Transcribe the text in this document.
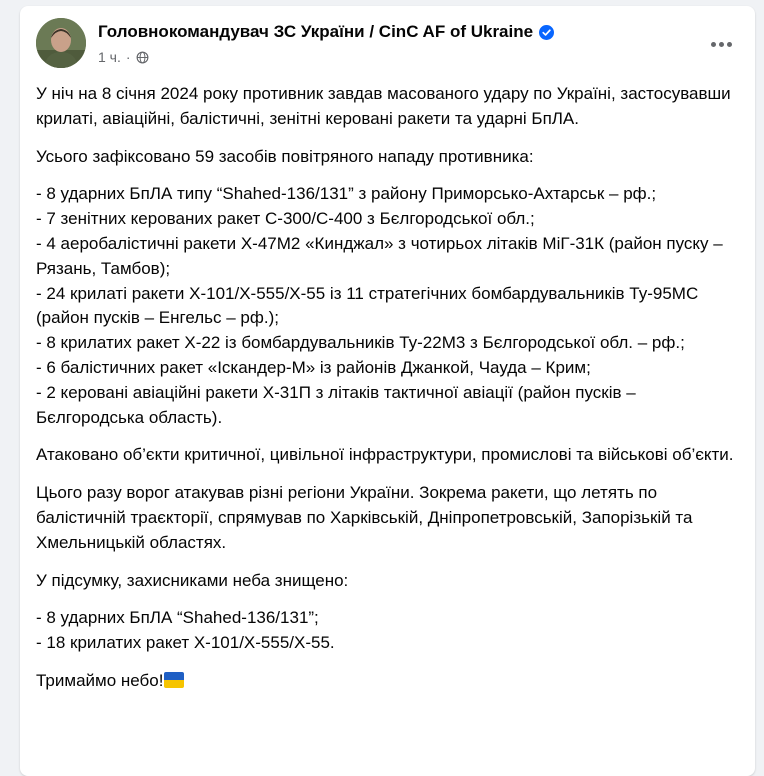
Головнокомандувач ЗС України / CinC AF of Ukraine
1 ч. ·

У ніч на 8 січня 2024 року противник завдав масованого удару по Україні, застосувавши крилаті, авіаційні, балістичні, зенітні керовані ракети та ударні БпЛА.

Усього зафіксовано 59 засобів повітряного нападу противника:

- 8 ударних БпЛА типу “Shahed-136/131” з району Приморсько-Ахтарськ – рф.;
- 7 зенітних керованих ракет С-300/С-400 з Бєлгородської обл.;
- 4 аеробалістичні ракети Х-47М2 «Кинджал» з чотирьох літаків МіГ-31К (район пуску – Рязань, Тамбов);
- 24 крилаті ракети Х-101/Х-555/Х-55 із 11 стратегічних бомбардувальників Ту-95МС (район пусків – Енгельс – рф.);
- 8 крилатих ракет Х-22 із бомбардувальників Ту-22М3 з Бєлгородської обл. – рф.;
- 6 балістичних ракет «Іскандер-М» із районів Джанкой, Чауда – Крим;
- 2 керовані авіаційні ракети Х-31П з літаків тактичної авіації (район пусків – Бєлгородська область).

Атаковано об’єкти критичної, цивільної інфраструктури, промислові та військові об’єкти.

Цього разу ворог атакував різні регіони України. Зокрема ракети, що летять по балістичній траєкторії, спрямував по Харківській, Дніпропетровській, Запорізькій та Хмельницькій областях.

У підсумку, захисниками неба знищено:

- 8 ударних БпЛА “Shahed-136/131”;
- 18 крилатих ракет Х-101/Х-555/Х-55.

Тримаймо небо!
